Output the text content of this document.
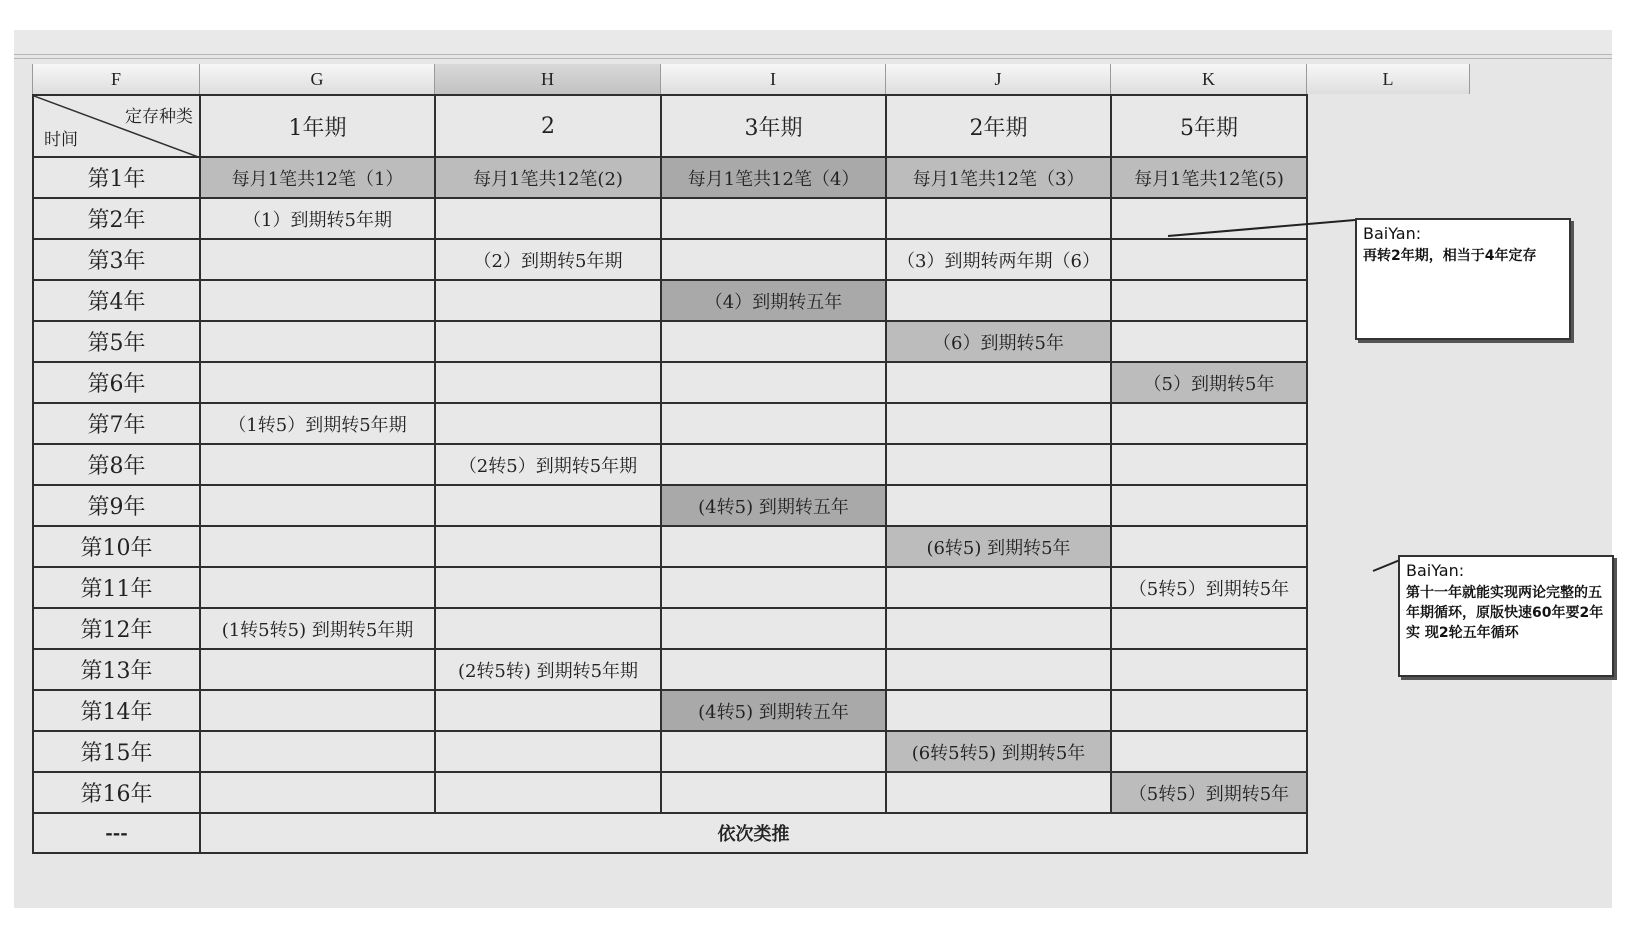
F	G	H	I	J	K	L
定存种类
时间	1年期	2	3年期	2年期	5年期
第1年	每月1笔共12笔（1）	每月1笔共12笔(2)	每月1笔共12笔（4）	每月1笔共12笔（3）	每月1笔共12笔(5)
第2年	（1）到期转5年期				
第3年		（2）到期转5年期		（3）到期转两年期（6）	
第4年			（4）到期转五年		
第5年				（6）到期转5年	
第6年					（5）到期转5年
第7年	（1转5）到期转5年期				
第8年		（2转5）到期转5年期			
第9年			(4转5) 到期转五年		
第10年				(6转5) 到期转5年	
第11年					（5转5）到期转5年
第12年	(1转5转5) 到期转5年期				
第13年		(2转5转) 到期转5年期			
第14年			(4转5) 到期转五年		
第15年				(6转5转5) 到期转5年	
第16年					（5转5）到期转5年
---	依次类推				
BaiYan:
再转2年期，相当于4年定存
BaiYan:
第十一年就能实现两论完整的五年期循环，原版快速60年要2年实 现2轮五年循环
